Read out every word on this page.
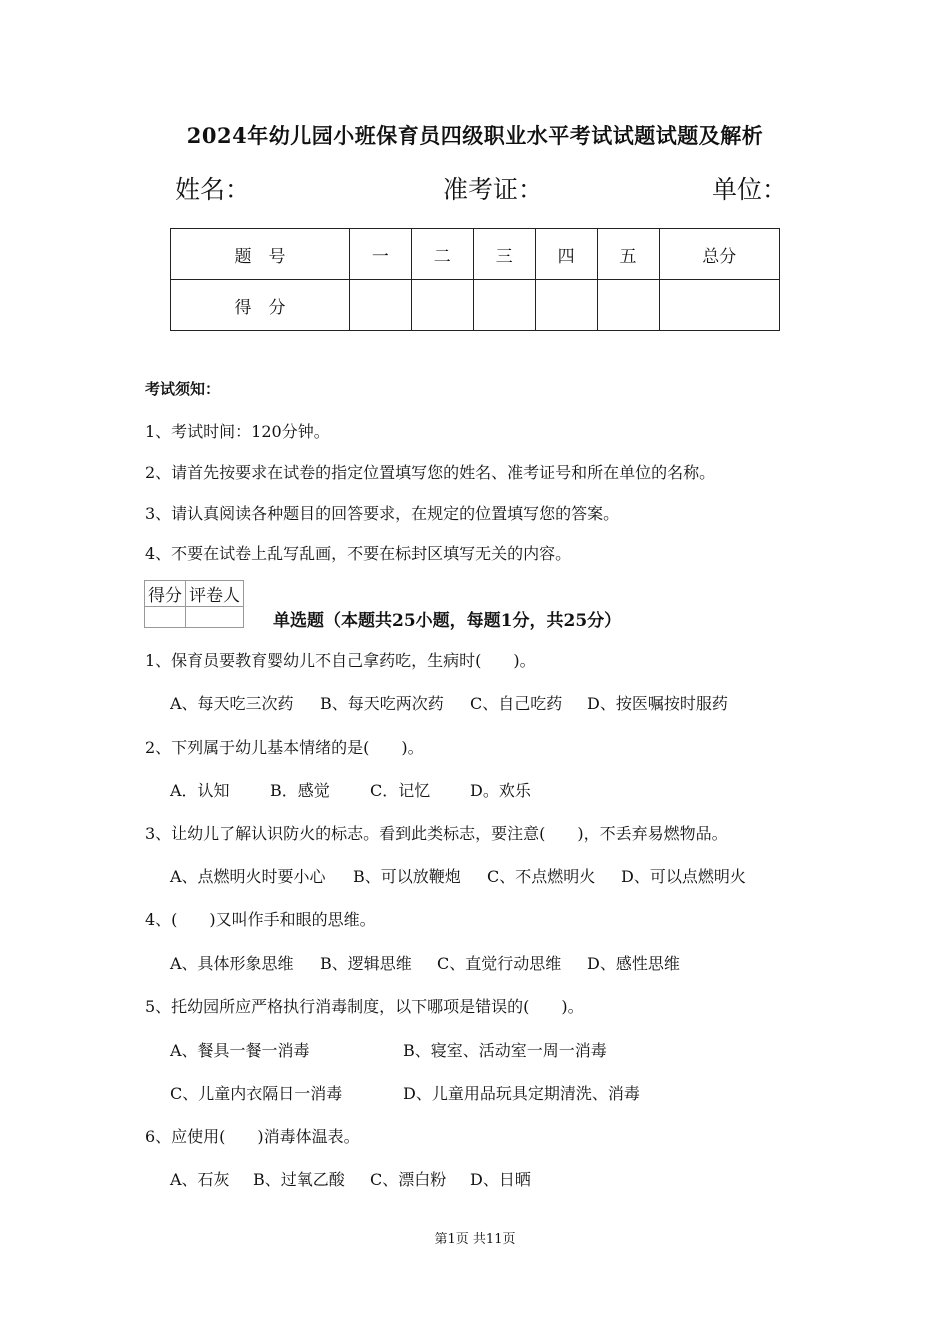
2024年幼儿园小班保育员四级职业水平考试试题试题及解析
姓名：	准考证：	单位：
题　号	一	二	三	四	五	总分
得　分						
考试须知：
1、考试时间：120分钟。
2、请首先按要求在试卷的指定位置填写您的姓名、准考证号和所在单位的名称。
3、请认真阅读各种题目的回答要求，在规定的位置填写您的答案。
4、不要在试卷上乱写乱画，不要在标封区填写无关的内容。
得分	评卷人

单选题（本题共25小题，每题1分，共25分）
1、保育员要教育婴幼儿不自己拿药吃，生病时(　　)。
A、每天吃三次药 B、每天吃两次药 C、自己吃药 D、按医嘱按时服药
2、下列属于幼儿基本情绪的是(　　)。
A．认知	B．感觉	C．记忆 D。欢乐
3、让幼儿了解认识防火的标志。看到此类标志，要注意(　　)，不丢弃易燃物品。
A、点燃明火时要小心 B、可以放鞭炮 C、不点燃明火 D、可以点燃明火
4、(　　)又叫作手和眼的思维。
A、具体形象思维 B、逻辑思维 C、直觉行动思维 D、感性思维
5、托幼园所应严格执行消毒制度，以下哪项是错误的(　　)。
A、餐具一餐一消毒	B、寝室、活动室一周一消毒
C、儿童内衣隔日一消毒	D、儿童用品玩具定期清洗、消毒
6、应使用(　　)消毒体温表。
A、石灰 B、过氧乙酸 C、漂白粉 D、日晒
第1页 共11页
